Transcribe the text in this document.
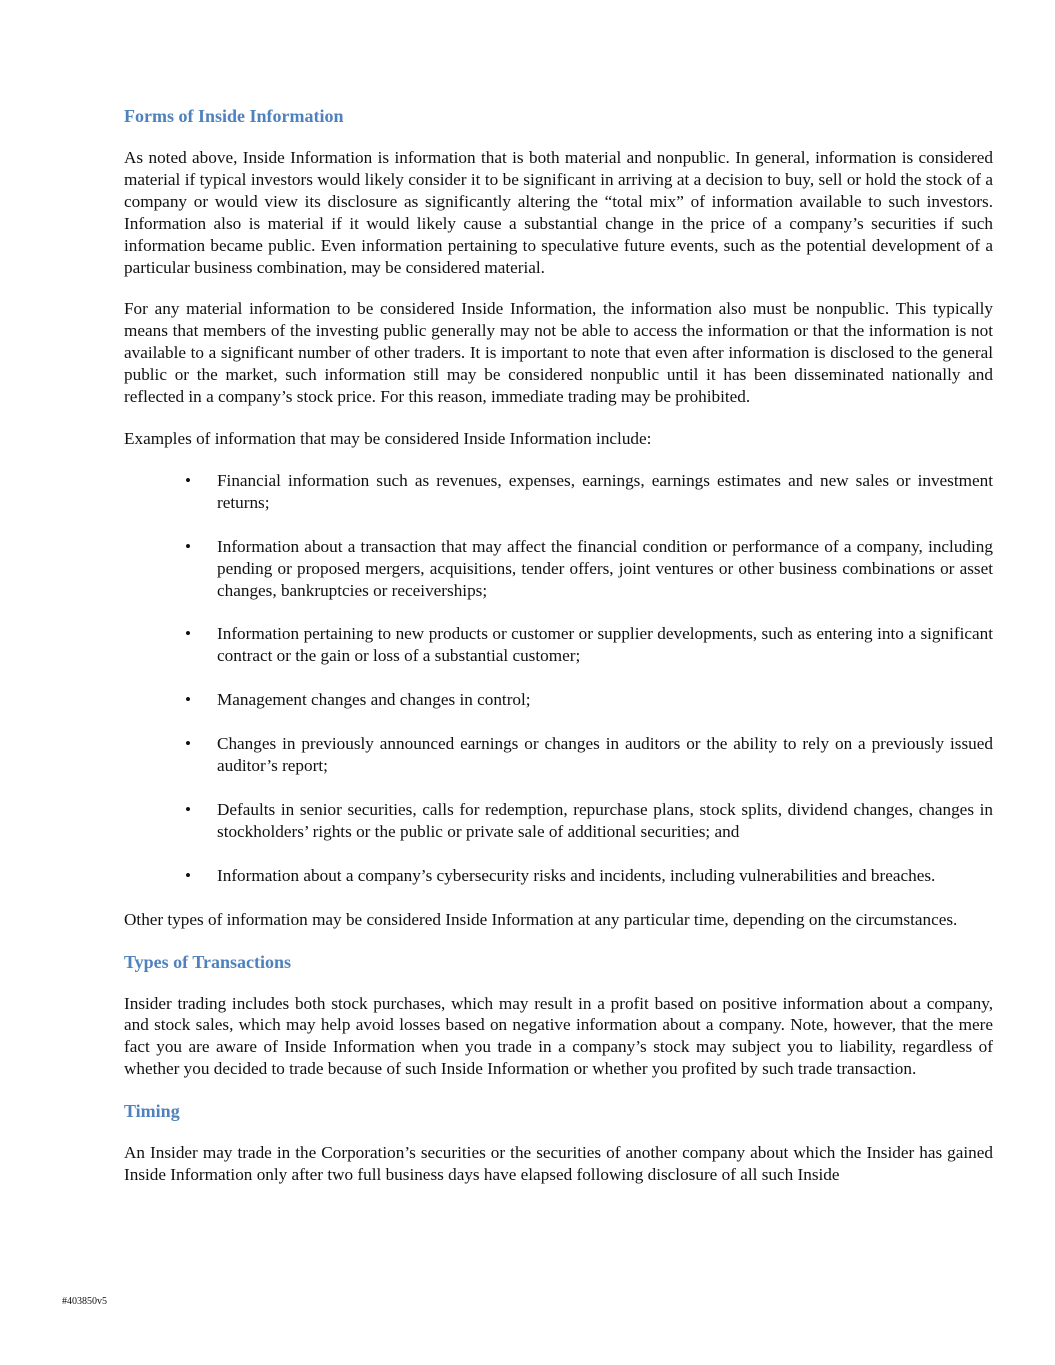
Forms of Inside Information

As noted above, Inside Information is information that is both material and nonpublic. In general, information is considered material if typical investors would likely consider it to be significant in arriving at a decision to buy, sell or hold the stock of a company or would view its disclosure as significantly altering the “total mix” of information available to such investors. Information also is material if it would likely cause a substantial change in the price of a company’s securities if such information became public. Even information pertaining to speculative future events, such as the potential development of a particular business combination, may be considered material.

For any material information to be considered Inside Information, the information also must be nonpublic. This typically means that members of the investing public generally may not be able to access the information or that the information is not available to a significant number of other traders. It is important to note that even after information is disclosed to the general public or the market, such information still may be considered nonpublic until it has been disseminated nationally and reflected in a company’s stock price. For this reason, immediate trading may be prohibited.

Examples of information that may be considered Inside Information include:

• Financial information such as revenues, expenses, earnings, earnings estimates and new sales or investment returns;
• Information about a transaction that may affect the financial condition or performance of a company, including pending or proposed mergers, acquisitions, tender offers, joint ventures or other business combinations or asset changes, bankruptcies or receiverships;
• Information pertaining to new products or customer or supplier developments, such as entering into a significant contract or the gain or loss of a substantial customer;
• Management changes and changes in control;
• Changes in previously announced earnings or changes in auditors or the ability to rely on a previously issued auditor’s report;
• Defaults in senior securities, calls for redemption, repurchase plans, stock splits, dividend changes, changes in stockholders’ rights or the public or private sale of additional securities; and
• Information about a company’s cybersecurity risks and incidents, including vulnerabilities and breaches.

Other types of information may be considered Inside Information at any particular time, depending on the circumstances.

Types of Transactions

Insider trading includes both stock purchases, which may result in a profit based on positive information about a company, and stock sales, which may help avoid losses based on negative information about a company. Note, however, that the mere fact you are aware of Inside Information when you trade in a company’s stock may subject you to liability, regardless of whether you decided to trade because of such Inside Information or whether you profited by such trade transaction.

Timing

An Insider may trade in the Corporation’s securities or the securities of another company about which the Insider has gained Inside Information only after two full business days have elapsed following disclosure of all such Inside

#403850v5
